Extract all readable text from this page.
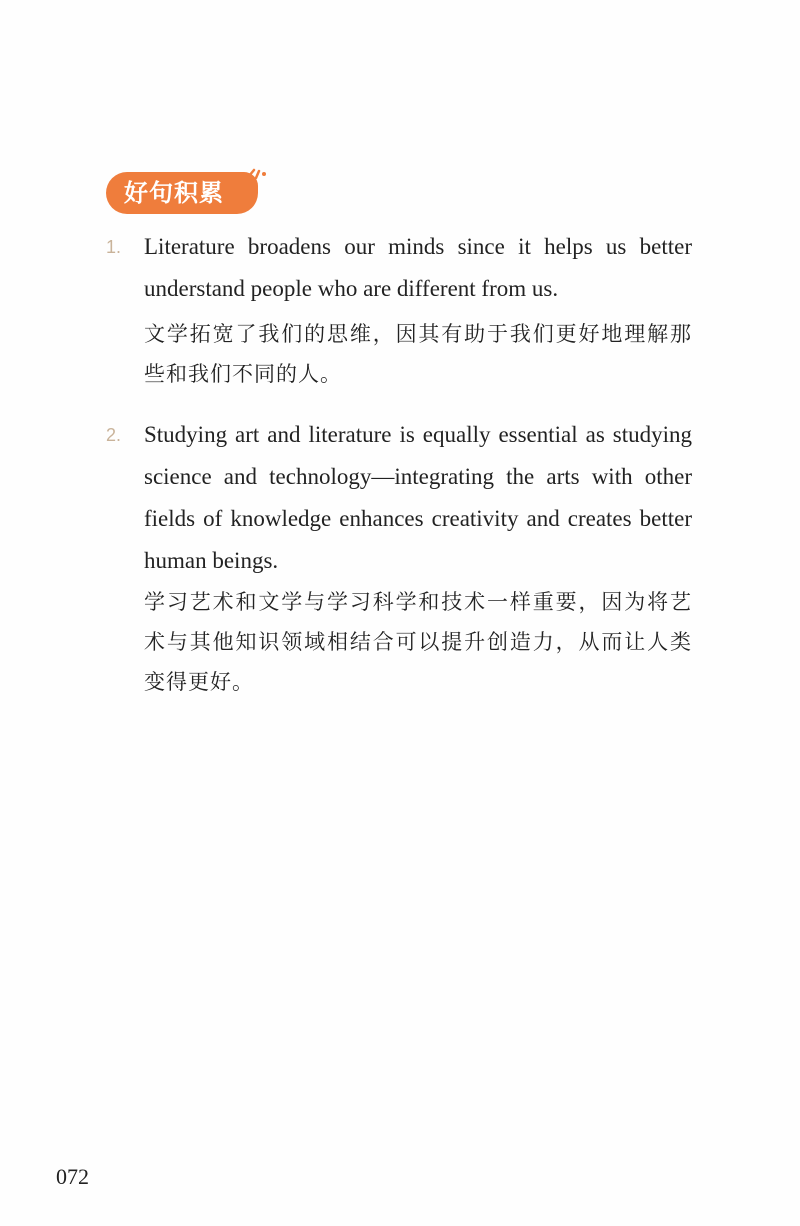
好句积累
1. Literature broadens our minds since it helps us better understand people who are different from us.
文学拓宽了我们的思维，因其有助于我们更好地理解那些和我们不同的人。
2. Studying art and literature is equally essential as studying science and technology—integrating the arts with other fields of knowledge enhances creativity and creates better human beings.
学习艺术和文学与学习科学和技术一样重要，因为将艺术与其他知识领域相结合可以提升创造力，从而让人类变得更好。
072
